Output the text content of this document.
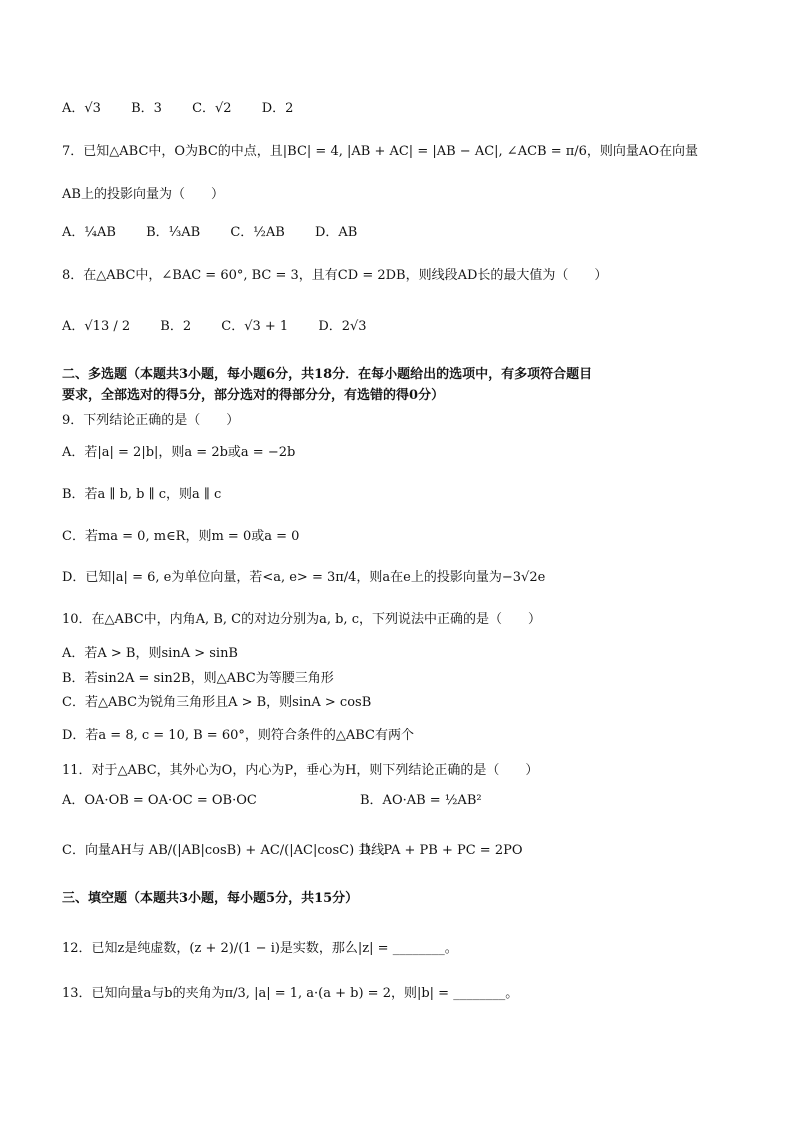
A．√3 B．3 C．√2 D．2
7．已知△ABC中，O为BC的中点，且|BC| = 4, |AB + AC| = |AB − AC|, ∠ACB = π/6，则向量AO在向量
AB上的投影向量为（　　）
A．¼AB B．⅓AB C．½AB D．AB
8．在△ABC中，∠BAC = 60°, BC = 3，且有CD = 2DB，则线段AD长的最大值为（　　）
A．√13 / 2 B．2 C．√3 + 1 D．2√3
二、多选题（本题共3小题，每小题6分，共18分．在每小题给出的选项中，有多项符合题目
要求，全部选对的得5分，部分选对的得部分分，有选错的得0分）
9．下列结论正确的是（　　）
A．若|a| = 2|b|，则a = 2b或a = −2b
B．若a ∥ b, b ∥ c，则a ∥ c
C．若ma = 0, m∈R，则m = 0或a = 0
D．已知|a| = 6, e为单位向量，若<a, e> = 3π/4，则a在e上的投影向量为−3√2e
10．在△ABC中，内角A, B, C的对边分别为a, b, c，下列说法中正确的是（　　）
A．若A > B，则sinA > sinB
B．若sin2A = sin2B，则△ABC为等腰三角形
C．若△ABC为锐角三角形且A > B，则sinA > cosB
D．若a = 8, c = 10, B = 60°，则符合条件的△ABC有两个
11．对于△ABC，其外心为O，内心为P，垂心为H，则下列结论正确的是（　　）
A．OA·OB = OA·OC = OB·OC	B．AO·AB = ½AB²
C．向量AH与 AB/(|AB|cosB) + AC/(|AC|cosC) 共线
D．PA + PB + PC = 2PO
三、填空题（本题共3小题，每小题5分，共15分）
12．已知z是纯虚数，(z + 2)/(1 − i)是实数，那么|z| = ________。
13．已知向量a与b的夹角为π/3, |a| = 1, a·(a + b) = 2，则|b| = ________。
